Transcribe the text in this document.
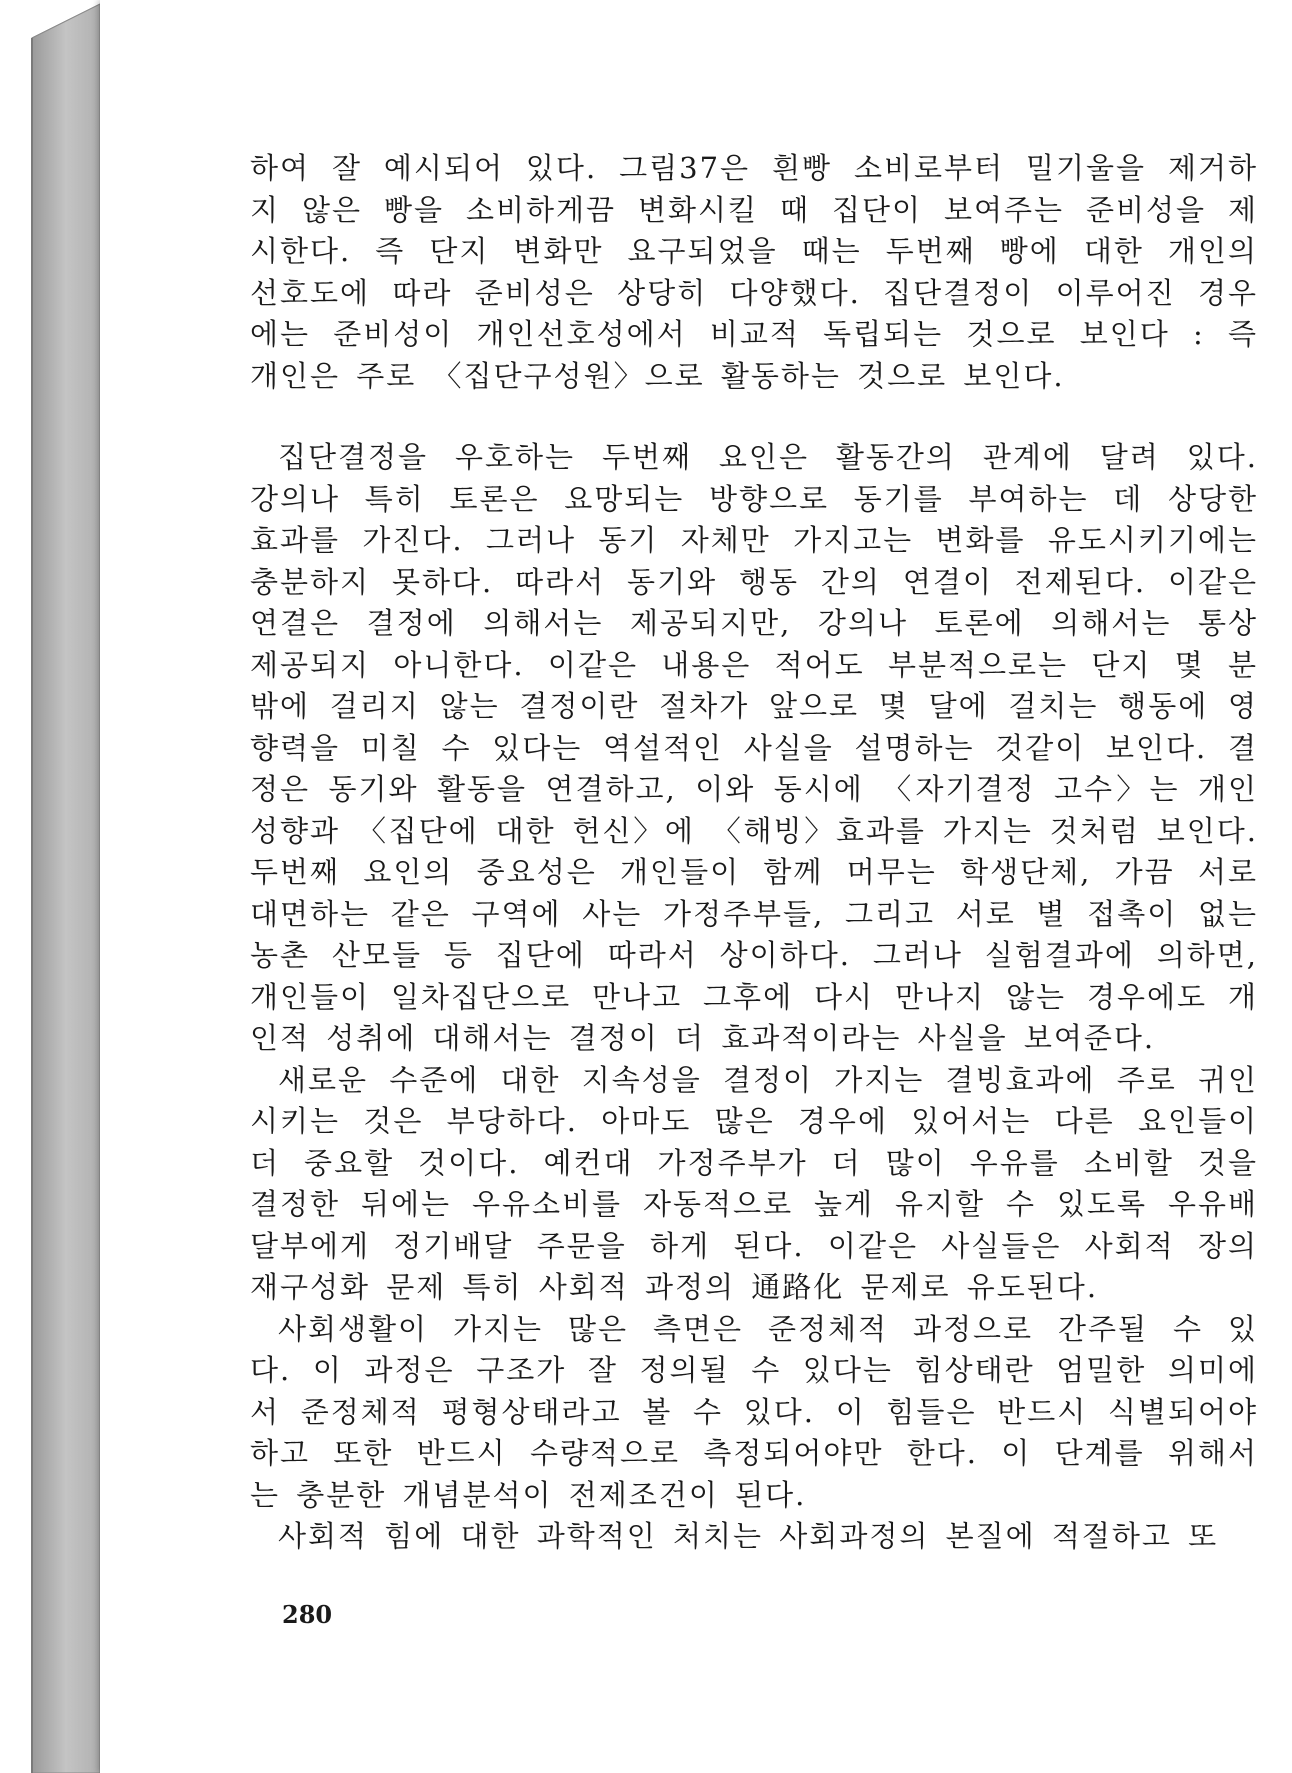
하여 잘 예시되어 있다. 그림37은 흰빵 소비로부터 밀기울을 제거하
지 않은 빵을 소비하게끔 변화시킬 때 집단이 보여주는 준비성을 제
시한다. 즉 단지 변화만 요구되었을 때는 두번째 빵에 대한 개인의
선호도에 따라 준비성은 상당히 다양했다. 집단결정이 이루어진 경우
에는 준비성이 개인선호성에서 비교적 독립되는 것으로 보인다 : 즉
개인은 주로 〈집단구성원〉으로 활동하는 것으로 보인다.
집단결정을 우호하는 두번째 요인은 활동간의 관계에 달려 있다.
강의나 특히 토론은 요망되는 방향으로 동기를 부여하는 데 상당한
효과를 가진다. 그러나 동기 자체만 가지고는 변화를 유도시키기에는
충분하지 못하다. 따라서 동기와 행동 간의 연결이 전제된다. 이같은
연결은 결정에 의해서는 제공되지만, 강의나 토론에 의해서는 통상
제공되지 아니한다. 이같은 내용은 적어도 부분적으로는 단지 몇 분
밖에 걸리지 않는 결정이란 절차가 앞으로 몇 달에 걸치는 행동에 영
향력을 미칠 수 있다는 역설적인 사실을 설명하는 것같이 보인다. 결
정은 동기와 활동을 연결하고, 이와 동시에 〈자기결정 고수〉는 개인
성향과 〈집단에 대한 헌신〉에 〈해빙〉효과를 가지는 것처럼 보인다.
두번째 요인의 중요성은 개인들이 함께 머무는 학생단체, 가끔 서로
대면하는 같은 구역에 사는 가정주부들, 그리고 서로 별 접촉이 없는
농촌 산모들 등 집단에 따라서 상이하다. 그러나 실험결과에 의하면,
개인들이 일차집단으로 만나고 그후에 다시 만나지 않는 경우에도 개
인적 성취에 대해서는 결정이 더 효과적이라는 사실을 보여준다.
새로운 수준에 대한 지속성을 결정이 가지는 결빙효과에 주로 귀인
시키는 것은 부당하다. 아마도 많은 경우에 있어서는 다른 요인들이
더 중요할 것이다. 예컨대 가정주부가 더 많이 우유를 소비할 것을
결정한 뒤에는 우유소비를 자동적으로 높게 유지할 수 있도록 우유배
달부에게 정기배달 주문을 하게 된다. 이같은 사실들은 사회적 장의
재구성화 문제 특히 사회적 과정의 通路化 문제로 유도된다.
사회생활이 가지는 많은 측면은 준정체적 과정으로 간주될 수 있
다. 이 과정은 구조가 잘 정의될 수 있다는 힘상태란 엄밀한 의미에
서 준정체적 평형상태라고 볼 수 있다. 이 힘들은 반드시 식별되어야
하고 또한 반드시 수량적으로 측정되어야만 한다. 이 단계를 위해서
는 충분한 개념분석이 전제조건이 된다.
사회적 힘에 대한 과학적인 처치는 사회과정의 본질에 적절하고 또
280
